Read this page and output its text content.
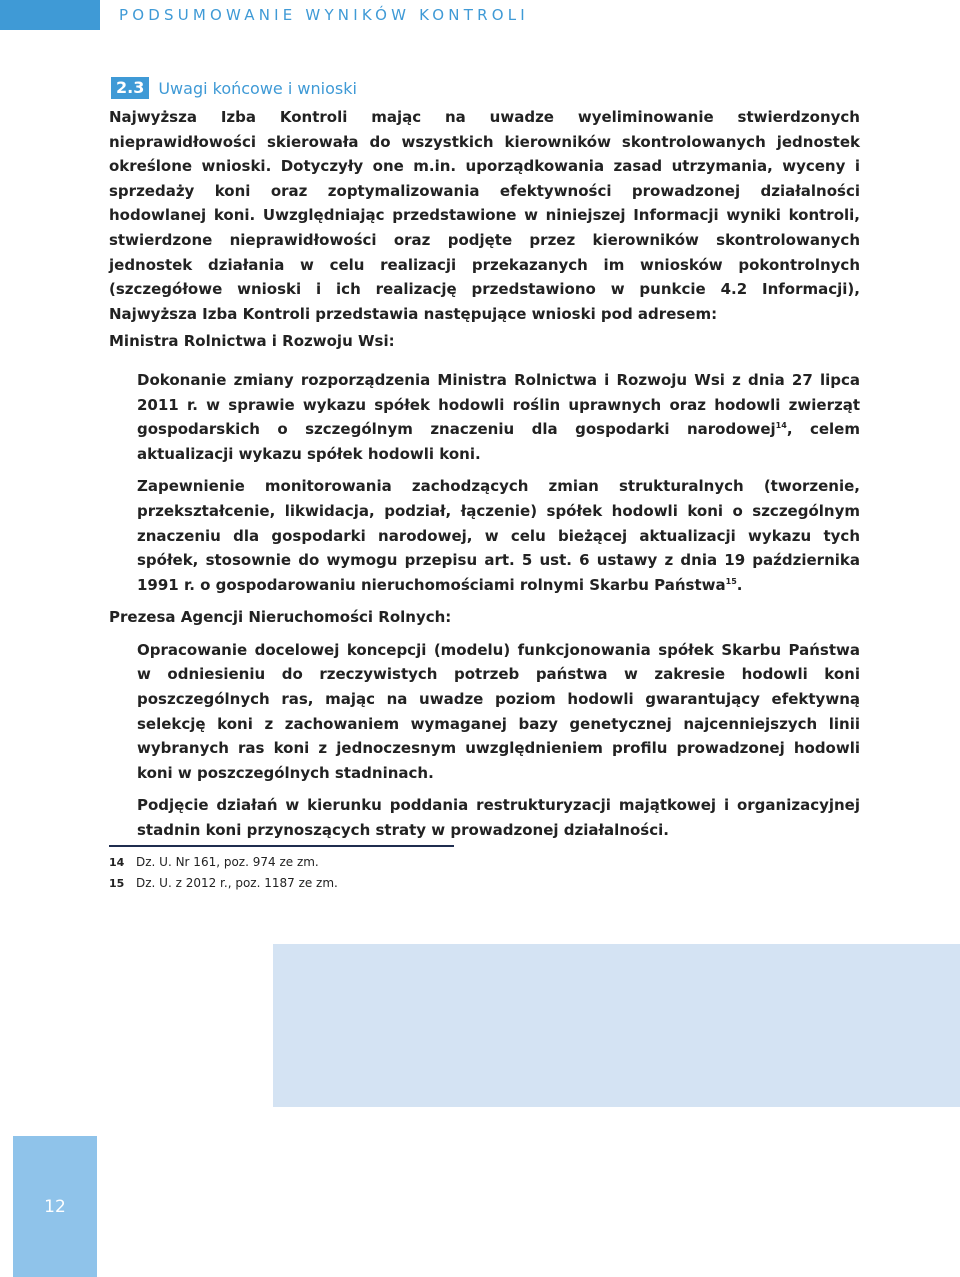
PODSUMOWANIE WYNIKÓW KONTROLI
2.3 Uwagi końcowe i wnioski

Najwyższa Izba Kontroli mając na uwadze wyeliminowanie stwierdzonych nieprawidłowości skierowała do wszystkich kierowników skontrolowanych jednostek określone wnioski. Dotyczyły one m.in. uporządkowania zasad utrzymania, wyceny i sprzedaży koni oraz zoptymalizowania efektywności prowadzonej działalności hodowlanej koni. Uwzględniając przedstawione w niniejszej Informacji wyniki kontroli, stwierdzone nieprawidłowości oraz podjęte przez kierowników skontrolowanych jednostek działania w celu realizacji przekazanych im wniosków pokontrolnych (szczegółowe wnioski i ich realizację przedstawiono w punkcie 4.2 Informacji), Najwyższa Izba Kontroli przedstawia następujące wnioski pod adresem:

Ministra Rolnictwa i Rozwoju Wsi:

Dokonanie zmiany rozporządzenia Ministra Rolnictwa i Rozwoju Wsi z dnia 27 lipca 2011 r. w sprawie wykazu spółek hodowli roślin uprawnych oraz hodowli zwierząt gospodarskich o szczególnym znaczeniu dla gospodarki narodowej$^{14}$, celem aktualizacji wykazu spółek hodowli koni.

Zapewnienie monitorowania zachodzących zmian strukturalnych (tworzenie, przekształcenie, likwidacja, podział, łączenie) spółek hodowli koni o szczególnym znaczeniu dla gospodarki narodowej, w celu bieżącej aktualizacji wykazu tych spółek, stosownie do wymogu przepisu art. 5 ust. 6 ustawy z dnia 19 października 1991 r. o gospodarowaniu nieruchomościami rolnymi Skarbu Państwa$^{15}$.

Prezesa Agencji Nieruchomości Rolnych:

Opracowanie docelowej koncepcji (modelu) funkcjonowania spółek Skarbu Państwa w odniesieniu do rzeczywistych potrzeb państwa w zakresie hodowli koni poszczególnych ras, mając na uwadze poziom hodowli gwarantujący efektywną selekcję koni z zachowaniem wymaganej bazy genetycznej najcenniejszych linii wybranych ras koni z jednoczesnym uwzględnieniem profilu prowadzonej hodowli koni w poszczególnych stadninach.

Podjęcie działań w kierunku poddania restrukturyzacji majątkowej i organizacyjnej stadnin koni przynoszących straty w prowadzonej działalności.

14 Dz. U. Nr 161, poz. 974 ze zm.
15 Dz. U. z 2012 r., poz. 1187 ze zm.
12
